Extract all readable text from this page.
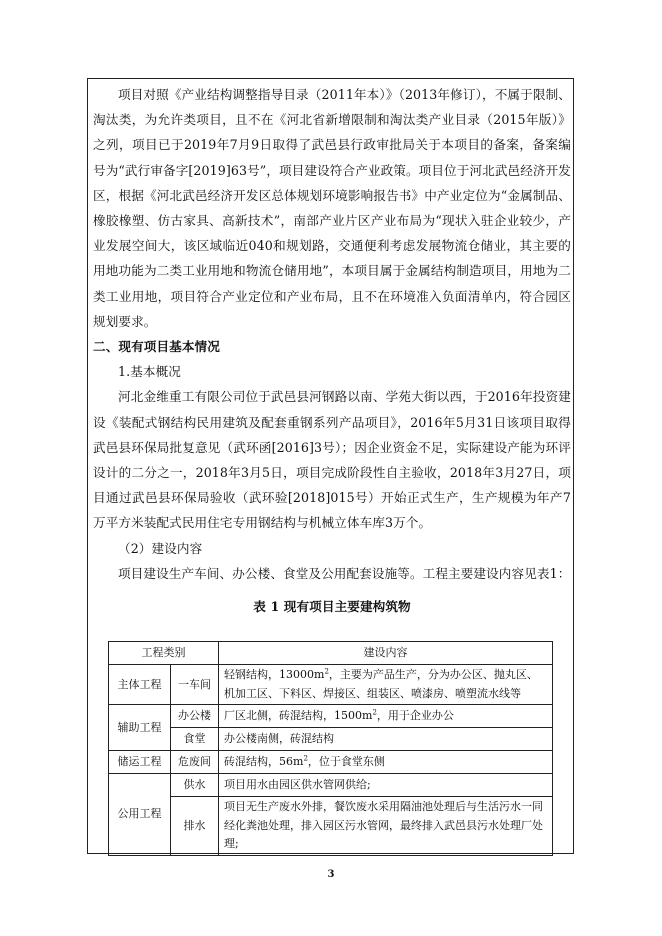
项目对照《产业结构调整指导目录（2011年本）》（2013年修订），不属于限制、淘汰类，为允许类项目，且不在《河北省新增限制和淘汰类产业目录（2015年版）》之列，项目已于2019年7月9日取得了武邑县行政审批局关于本项目的备案，备案编号为“武行审备字[2019]63号”，项目建设符合产业政策。项目位于河北武邑经济开发区，根据《河北武邑经济开发区总体规划环境影响报告书》中产业定位为“金属制品、橡胶橡塑、仿古家具、高新技术”，南部产业片区产业布局为“现状入驻企业较少，产业发展空间大，该区域临近040和规划路，交通便利考虑发展物流仓储业，其主要的用地功能为二类工业用地和物流仓储用地”，本项目属于金属结构制造项目，用地为二类工业用地，项目符合产业定位和产业布局，且不在环境准入负面清单内，符合园区规划要求。

二、现有项目基本情况

1.基本概况

河北金维重工有限公司位于武邑县河钢路以南、学苑大街以西，于2016年投资建设《装配式钢结构民用建筑及配套重钢系列产品项目》，2016年5月31日该项目取得武邑县环保局批复意见（武环函[2016]3号）；因企业资金不足，实际建设产能为环评设计的二分之一，2018年3月5日，项目完成阶段性自主验收，2018年3月27日，项目通过武邑县环保局验收（武环验[2018]015号）开始正式生产，生产规模为年产7万平方米装配式民用住宅专用钢结构与机械立体车库3万个。

（2）建设内容

项目建设生产车间、办公楼、食堂及公用配套设施等。工程主要建设内容见表1：

表 1 现有项目主要建构筑物

工程类别		建设内容
主体工程	一车间	轻钢结构，$13000m^2$，主要为产品生产，分为办公区、抛丸区、机加工区、下料区、焊接区、组装区、喷漆房、喷塑流水线等
辅助工程	办公楼	厂区北侧，砖混结构，$1500m^2$，用于企业办公
	食堂	办公楼南侧，砖混结构
储运工程	危废间	砖混结构，$56m^2$，位于食堂东侧
公用工程	供水	项目用水由园区供水管网供给;
	排水	项目无生产废水外排，餐饮废水采用隔油池处理后与生活污水一同经化粪池处理，排入园区污水管网，最终排入武邑县污水处理厂处理;
3
